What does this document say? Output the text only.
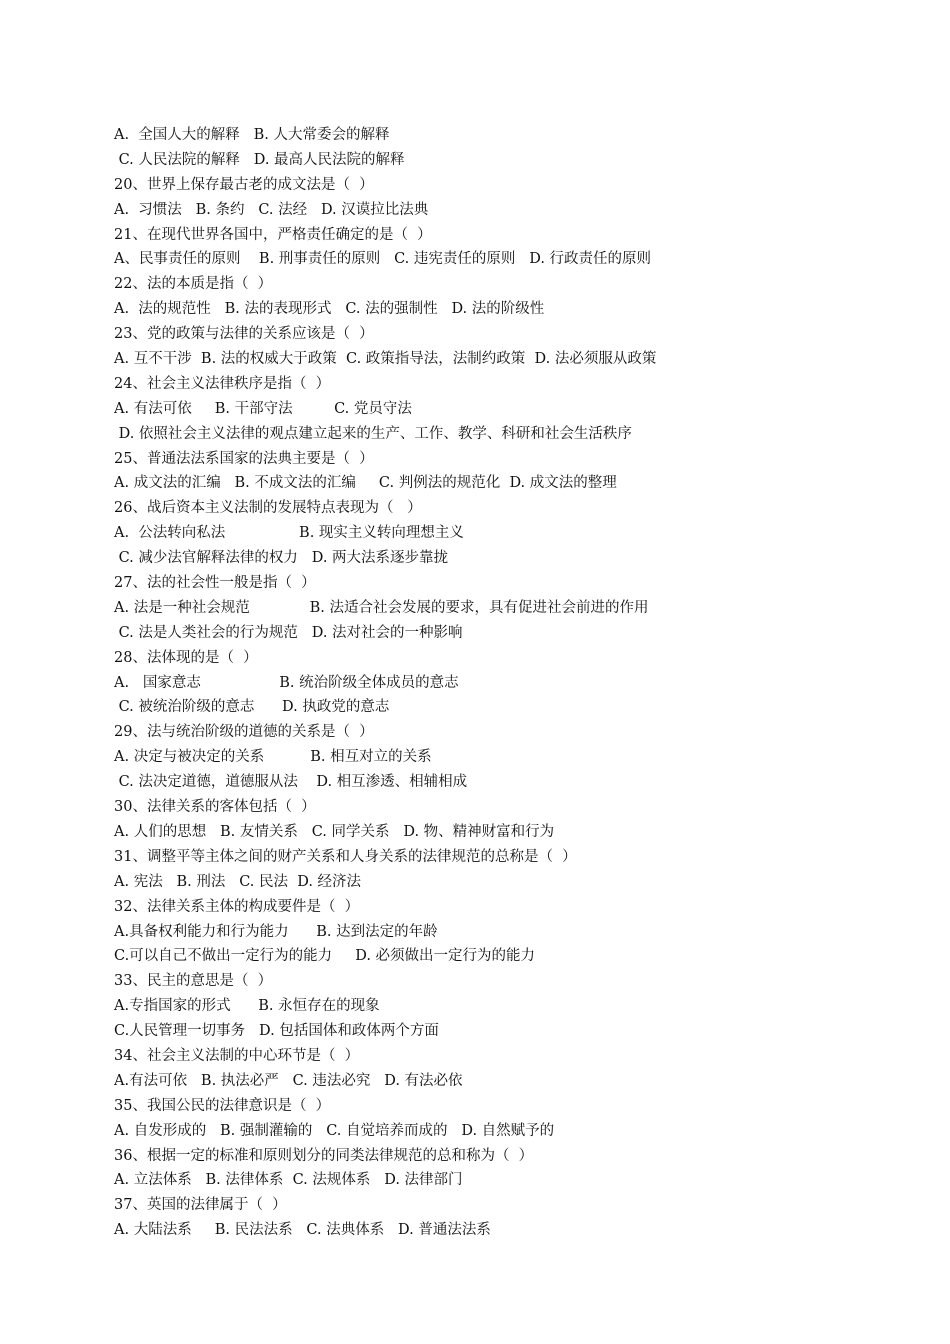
A.  全国人大的解释   B. 人大常委会的解释
C. 人民法院的解释   D. 最高人民法院的解释
20、世界上保存最古老的成文法是（  ）
A.  习惯法   B. 条约   C. 法经   D. 汉谟拉比法典
21、在现代世界各国中，严格责任确定的是（  ）
A、民事责任的原则    B. 刑事责任的原则   C. 违宪责任的原则   D. 行政责任的原则
22、法的本质是指（  ）
A.  法的规范性   B. 法的表现形式   C. 法的强制性   D. 法的阶级性
23、党的政策与法律的关系应该是（  ）
A. 互不干涉  B. 法的权威大于政策  C. 政策指导法，法制约政策  D. 法必须服从政策
24、社会主义法律秩序是指（  ）
A. 有法可依     B. 干部守法         C. 党员守法
D. 依照社会主义法律的观点建立起来的生产、工作、教学、科研和社会生活秩序
25、普通法法系国家的法典主要是（  ）
A. 成文法的汇编   B. 不成文法的汇编     C. 判例法的规范化  D. 成文法的整理
26、战后资本主义法制的发展特点表现为（   ）
A.  公法转向私法                B. 现实主义转向理想主义
C. 减少法官解释法律的权力   D. 两大法系逐步靠拢
27、法的社会性一般是指（  ）
A. 法是一种社会规范             B. 法适合社会发展的要求，具有促进社会前进的作用
C. 法是人类社会的行为规范   D. 法对社会的一种影响
28、法体现的是（  ）
A.   国家意志                 B. 统治阶级全体成员的意志
C. 被统治阶级的意志      D. 执政党的意志
29、法与统治阶级的道德的关系是（  ）
A. 决定与被决定的关系          B. 相互对立的关系
C. 法决定道德，道德服从法    D. 相互渗透、相辅相成
30、法律关系的客体包括（  ）
A. 人们的思想   B. 友情关系   C. 同学关系   D. 物、精神财富和行为
31、调整平等主体之间的财产关系和人身关系的法律规范的总称是（  ）
A. 宪法   B. 刑法   C. 民法  D. 经济法
32、法律关系主体的构成要件是（  ）
A.具备权利能力和行为能力      B. 达到法定的年龄
C.可以自己不做出一定行为的能力     D. 必须做出一定行为的能力
33、民主的意思是（  ）
A.专指国家的形式      B. 永恒存在的现象
C.人民管理一切事务   D. 包括国体和政体两个方面
34、社会主义法制的中心环节是（  ）
A.有法可依   B. 执法必严   C. 违法必究   D. 有法必依
35、我国公民的法律意识是（  ）
A. 自发形成的   B. 强制灌输的   C. 自觉培养而成的   D. 自然赋予的
36、根据一定的标准和原则划分的同类法律规范的总和称为（  ）
A. 立法体系   B. 法律体系  C. 法规体系   D. 法律部门
37、英国的法律属于（  ）
A. 大陆法系     B. 民法法系   C. 法典体系   D. 普通法法系
